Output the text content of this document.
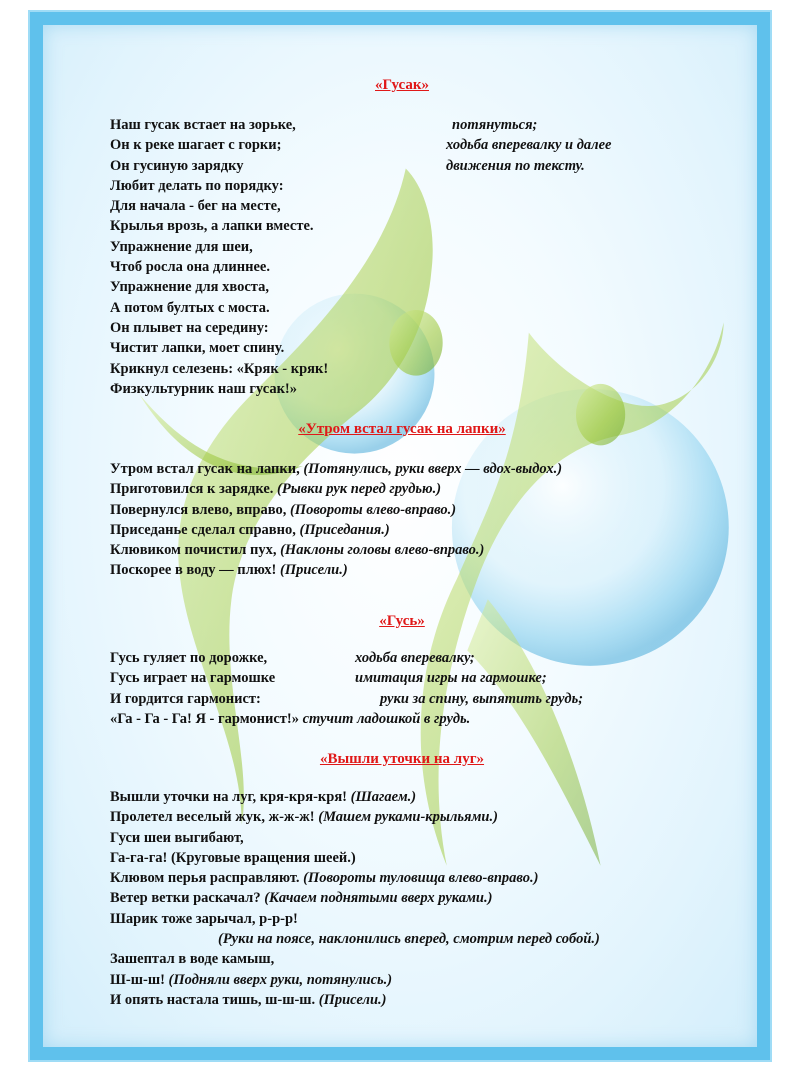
«Гусак»
Наш гусак встает на зорьке,	потянуться;
Он к реке шагает с горки;	ходьба вперевалку и далее
Он гусиную зарядку	движения по тексту.
Любит делать по порядку:
Для начала - бег на месте,
Крылья врозь, а лапки вместе.
Упражнение для шеи,
Чтоб росла она длиннее.
Упражнение для хвоста,
А потом бултых с моста.
Он плывет на середину:
Чистит лапки, моет спину.
Крикнул селезень: «Кряк - кряк!
Физкультурник наш гусак!»
«Утром встал гусак на лапки»
Утром встал гусак на лапки, (Потянулись, руки вверх — вдох-выдох.)
Приготовился к зарядке. (Рывки рук перед грудью.)
Повернулся влево, вправо, (Повороты влево-вправо.)
Приседанье сделал справно, (Приседания.)
Клювиком почистил пух, (Наклоны головы влево-вправо.)
Поскорее в воду — плюх! (Присели.)
«Гусь»
Гусь гуляет по дорожке,	ходьба вперевалку;
Гусь играет на гармошке	имитация игры на гармошке;
И гордится гармонист:	руки за спину, выпятить грудь;
«Га - Га - Га! Я - гармонист!» стучит ладошкой в грудь.
«Вышли уточки на луг»
Вышли уточки на луг, кря-кря-кря! (Шагаем.)
Пролетел веселый жук, ж-ж-ж! (Машем руками-крыльями.)
Гуси шеи выгибают,
Га-га-га! (Круговые вращения шеей.)
Клювом перья расправляют. (Повороты туловища влево-вправо.)
Ветер ветки раскачал? (Качаем поднятыми вверх руками.)
Шарик тоже зарычал, р-р-р!
(Руки на поясе, наклонились вперед, смотрим перед собой.)
Зашептал в воде камыш,
Ш-ш-ш! (Подняли вверх руки, потянулись.)
И опять настала тишь, ш-ш-ш. (Присели.)
